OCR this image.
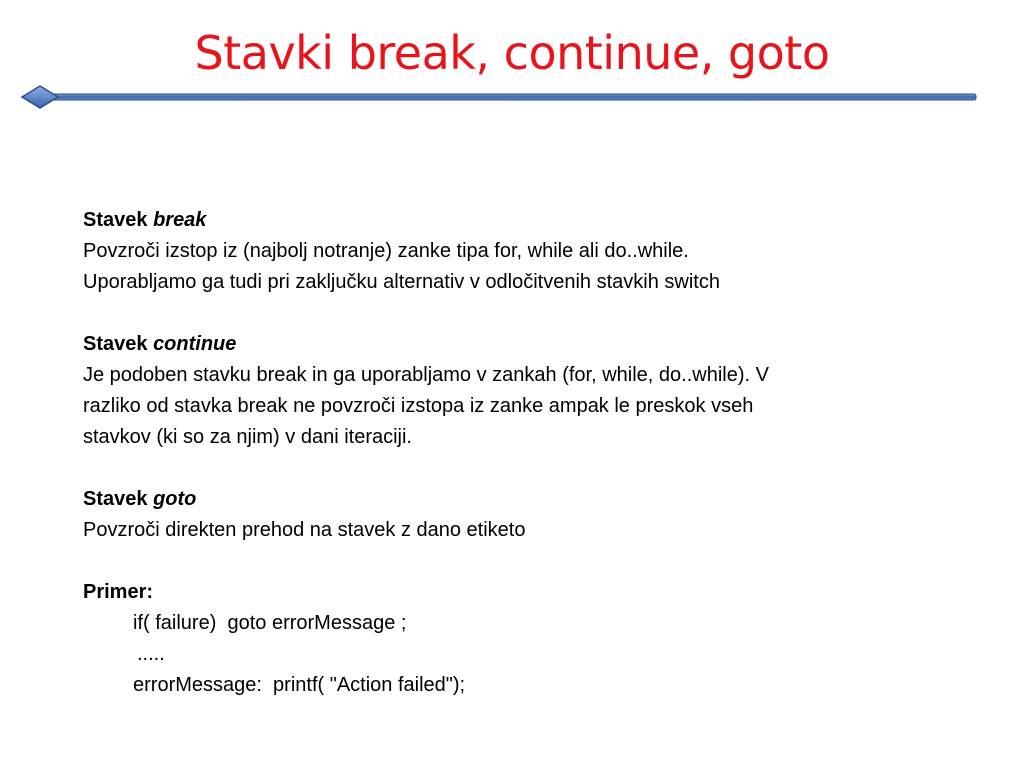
Stavki break, continue, goto

Stavek break

Povzroči izstop iz (najbolj notranje) zanke tipa for, while ali do..while.

Uporabljamo ga tudi pri zaključku alternativ v odločitvenih stavkih switch

Stavek continue

Je podoben stavku break in ga uporabljamo v zankah (for, while, do..while). V

razliko od stavka break ne povzroči izstopa iz zanke ampak le preskok vseh

stavkov (ki so za njim) v dani iteraciji.

Stavek goto

Povzroči direkten prehod na stavek z dano etiketo

Primer:

if( failure)  goto errorMessage ;

.....

errorMessage:  printf( "Action failed");
